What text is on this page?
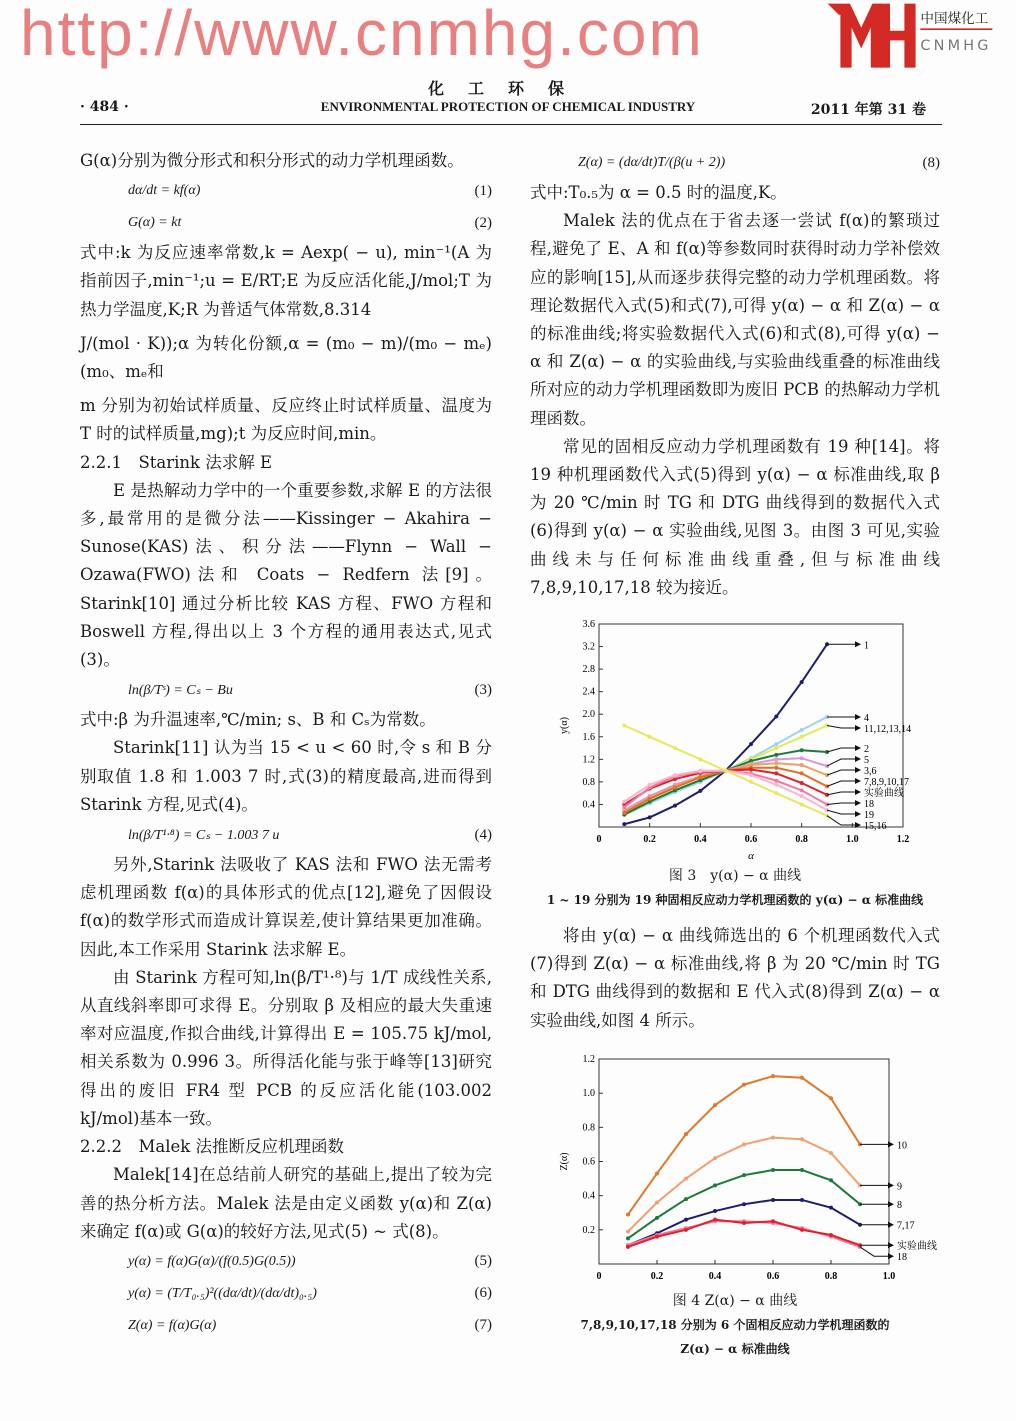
http://www.cnmhg.com	中国煤化工
CNMHG
化工环保
· 484 ·	ENVIRONMENTAL PROTECTION OF CHEMICAL INDUSTRY	2011 年第 31 卷

G(α)分别为微分形式和积分形式的动力学机理函数。

dα/dt = kf(α)	(1)
G(α) = kt	(2)

式中:k 为反应速率常数,k = Aexp( − u), min⁻¹(A 为指前因子,min⁻¹;u = E/RT;E 为反应活化能,J/mol;T 为热力学温度,K;R 为普适气体常数,8.314

J/(mol · K));α 为转化份额,α = (m₀ − m)/(m₀ − mₑ)(m₀、mₑ和

m 分别为初始试样质量、反应终止时试样质量、温度为 T 时的试样质量,mg);t 为反应时间,min。

2.2.1　Starink 法求解 E

E 是热解动力学中的一个重要参数,求解 E 的方法很多,最常用的是微分法——Kissinger − Akahira − Sunose(KAS)法、积分法——Flynn − Wall − Ozawa(FWO)法和 Coats − Redfern 法[9]。Starink[10] 通过分析比较 KAS 方程、FWO 方程和 Boswell 方程,得出以上 3 个方程的通用表达式,见式(3)。

ln(β/Tˢ) = Cₛ − Bu	(3)

式中:β 为升温速率,℃/min; s、B 和 Cₛ为常数。

Starink[11] 认为当 15 < u < 60 时,令 s 和 B 分别取值 1.8 和 1.003 7 时,式(3)的精度最高,进而得到 Starink 方程,见式(4)。

ln(β/T¹·⁸) = Cₛ − 1.003 7 u	(4)

另外,Starink 法吸收了 KAS 法和 FWO 法无需考虑机理函数 f(α)的具体形式的优点[12],避免了因假设 f(α)的数学形式而造成计算误差,使计算结果更加准确。因此,本工作采用 Starink 法求解 E。

由 Starink 方程可知,ln(β/T¹·⁸)与 1/T 成线性关系,从直线斜率即可求得 E。分别取 β 及相应的最大失重速率对应温度,作拟合曲线,计算得出 E = 105.75 kJ/mol,相关系数为 0.996 3。所得活化能与张于峰等[13]研究得出的废旧 FR4 型 PCB 的反应活化能(103.002 kJ/mol)基本一致。

2.2.2　Malek 法推断反应机理函数

Malek[14]在总结前人研究的基础上,提出了较为完善的热分析方法。Malek 法是由定义函数 y(α)和 Z(α)来确定 f(α)或 G(α)的较好方法,见式(5) ~ 式(8)。

y(α) = f(α)G(α)/(f(0.5)G(0.5))	(5)
y(α) = (T/T₀.₅)²((dα/dt)/(dα/dt)₀.₅)	(6)
Z(α) = f(α)G(α)	(7)
Z(α) = (dα/dt)T/(β(u + 2))	(8)

式中:T₀.₅为 α = 0.5 时的温度,K。

Malek 法的优点在于省去逐一尝试 f(α)的繁琐过程,避免了 E、A 和 f(α)等参数同时获得时动力学补偿效应的影响[15],从而逐步获得完整的动力学机理函数。将理论数据代入式(5)和式(7),可得 y(α) − α 和 Z(α) − α 的标准曲线;将实验数据代入式(6)和式(8),可得 y(α) − α 和 Z(α) − α 的实验曲线,与实验曲线重叠的标准曲线所对应的动力学机理函数即为废旧 PCB 的热解动力学机理函数。

常见的固相反应动力学机理函数有 19 种[14]。将 19 种机理函数代入式(5)得到 y(α) − α 标准曲线,取 β 为 20 ℃/min 时 TG 和 DTG 曲线得到的数据代入式(6)得到 y(α) − α 实验曲线,见图 3。由图 3 可见,实验曲线未与任何标准曲线重叠,但与标准曲线 7,8,9,10,17,18 较为接近。

0	0.2	0.4	0.6	0.8	1.0	1.2
0.4
0.8
1.2
1.6
2.0
2.4
2.8
3.2
3.6
α
y(α)
1
4
11,12,13,14
2
5
3,6
7,8,9,10,17
实验曲线
18
19
15,16
图 3　y(α) − α 曲线
1 ~ 19 分别为 19 种固相反应动力学机理函数的 y(α) − α 标准曲线

将由 y(α) − α 曲线筛选出的 6 个机理函数代入式(7)得到 Z(α) − α 标准曲线,将 β 为 20 ℃/min 时 TG 和 DTG 曲线得到的数据和 E 代入式(8)得到 Z(α) − α 实验曲线,如图 4 所示。

0	0.2	0.4	0.6	0.8	1.0
0.2
0.4
0.6
0.8
1.0
1.2
Z(α)
10
9
8
7,17
18
实验曲线
图 4 Z(α) − α 曲线
7,8,9,10,17,18 分别为 6 个固相反应动力学机理函数的
Z(α) − α 标准曲线
